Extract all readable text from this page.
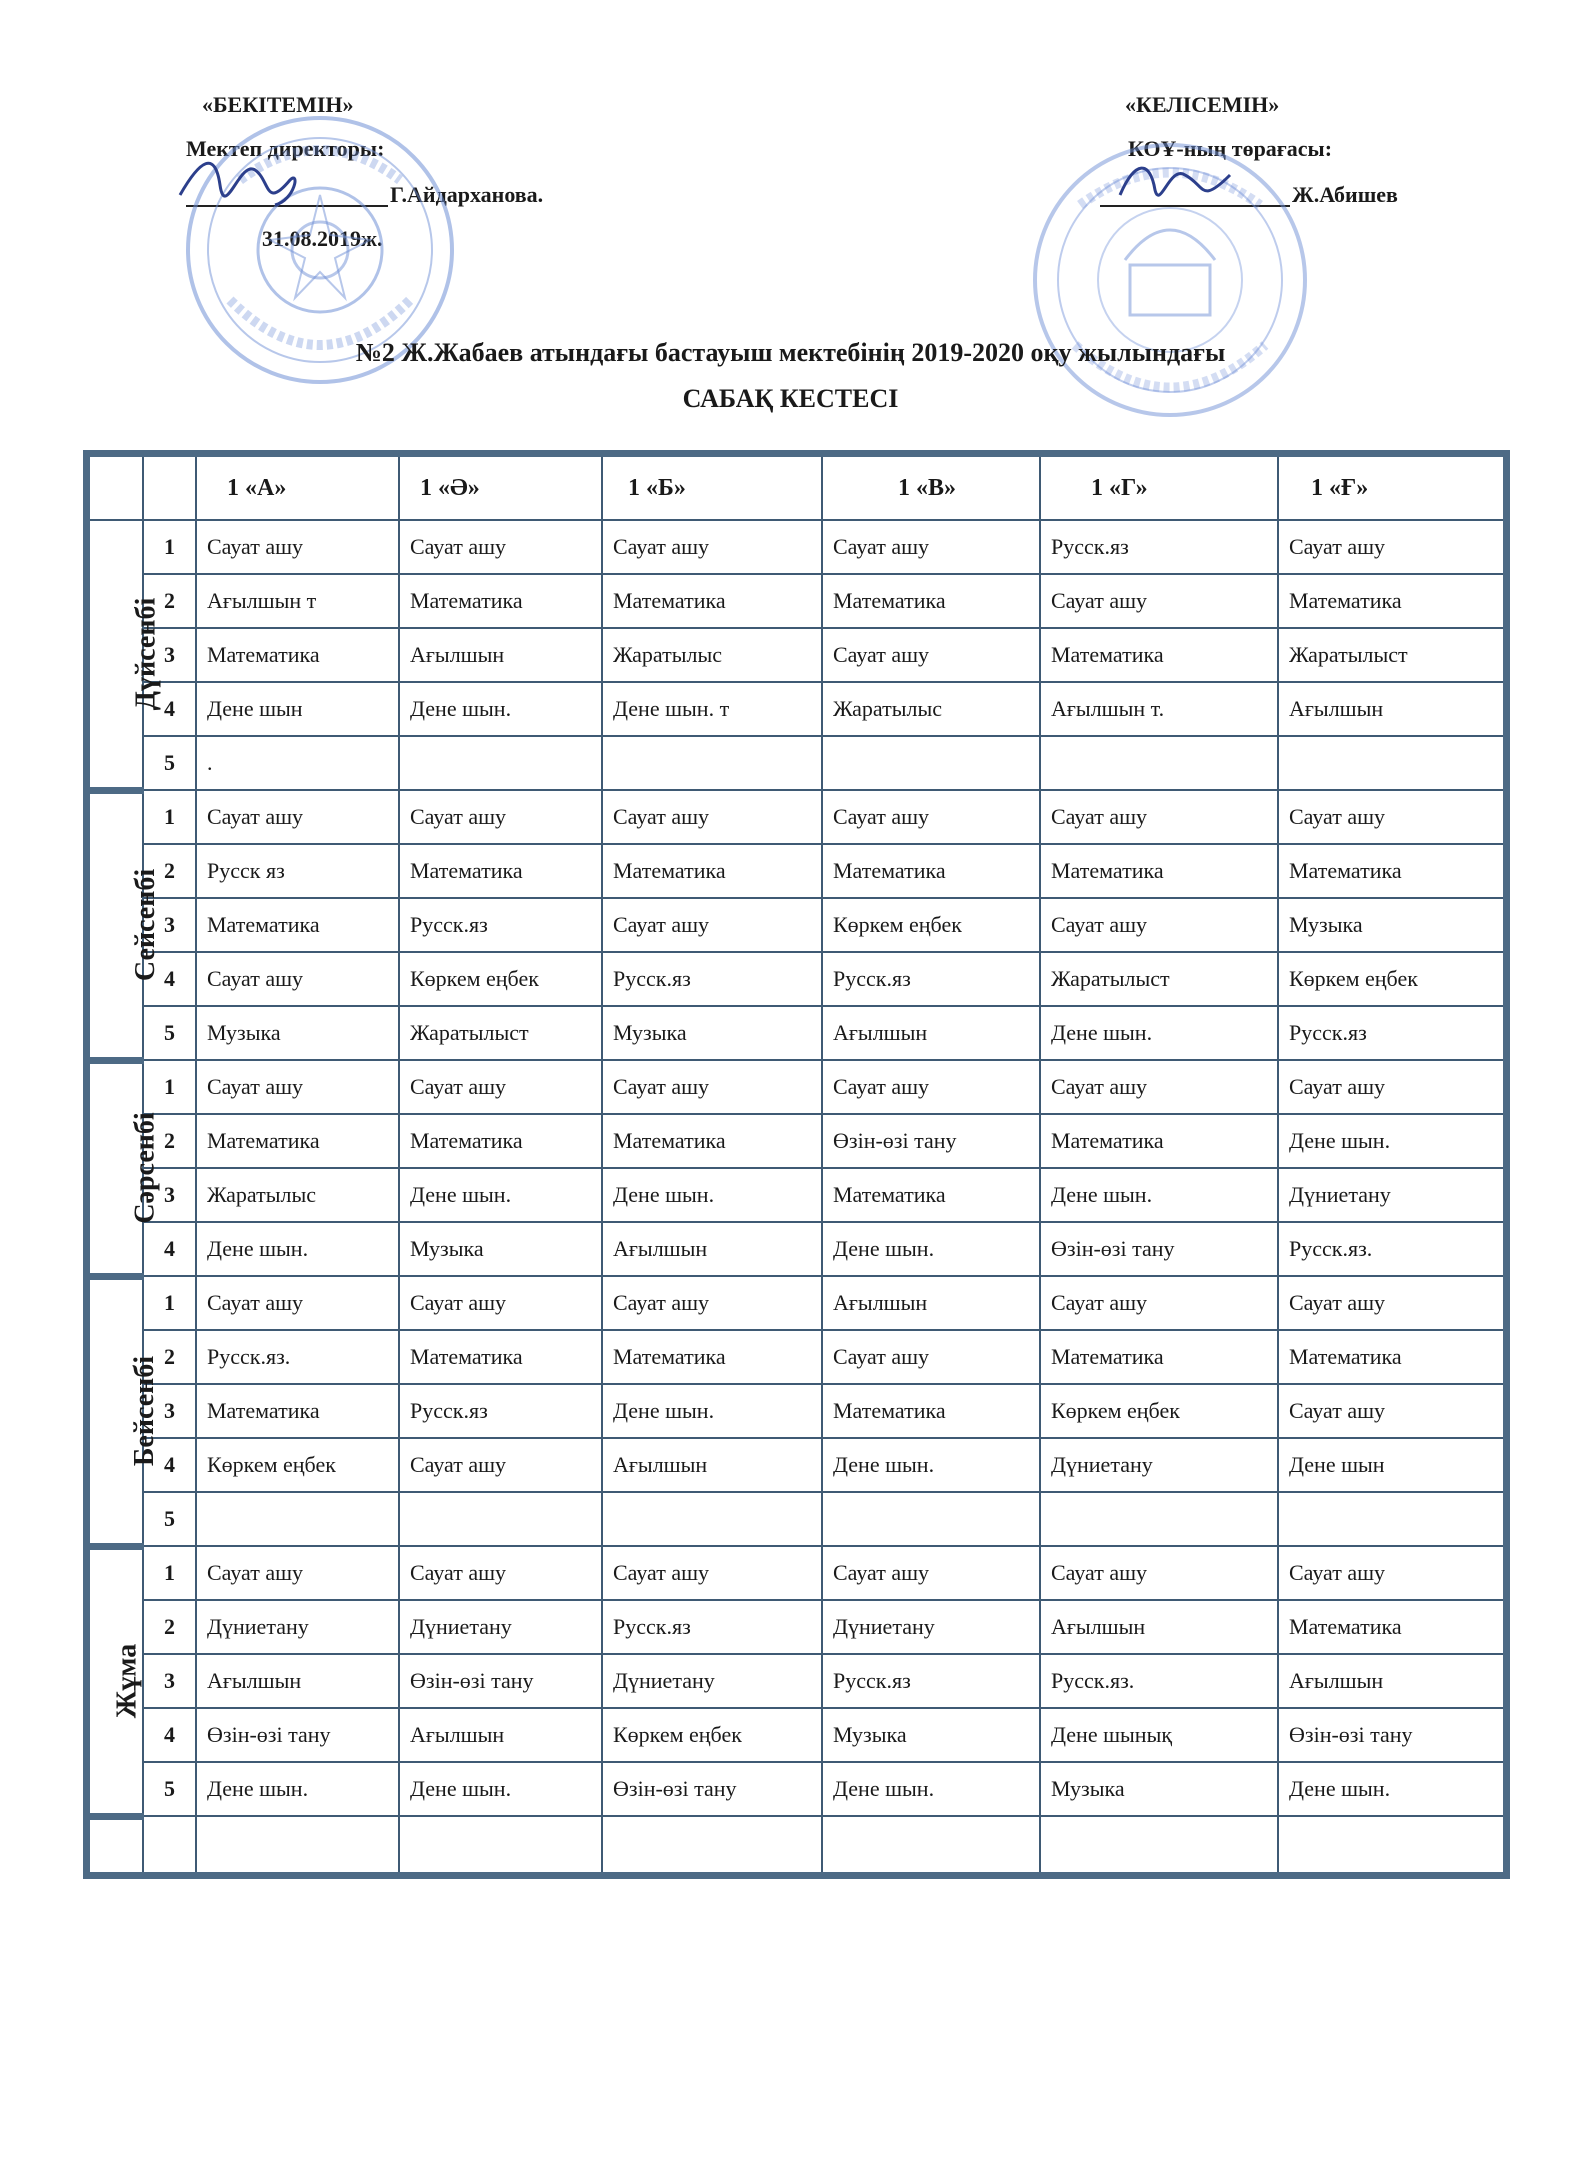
«БЕКІТЕМІН»
Мектеп директоры:
Г.Айдарханова.
31.08.2019ж.
«КЕЛІСЕМІН»
КОҰ-ның төрағасы:
Ж.Абишев
№2 Ж.Жабаев атындағы бастауыш мектебінің 2019-2020 оқу жылындағы
САБАҚ КЕСТЕСІ
		1 «А»	1 «Ә»	1 «Б»	1 «В»	1 «Г»	1 «Ғ»
Дүйсенбі	1	Сауат ашу	Сауат ашу	Сауат ашу	Сауат ашу	Русск.яз	Сауат ашу
	2	Ағылшын т	Математика	Математика	Математика	Сауат ашу	Математика
	3	Математика	Ағылшын	Жаратылыс	Сауат ашу	Математика	Жаратылыст
	4	Дене шын	Дене шын.	Дене шын. т	Жаратылыс	Ағылшын т.	Ағылшын
	5	.					
Сейсенбі	1	Сауат ашу	Сауат ашу	Сауат ашу	Сауат ашу	Сауат ашу	Сауат ашу
	2	Русск яз	Математика	Математика	Математика	Математика	Математика
	3	Математика	Русск.яз	Сауат ашу	Көркем еңбек	Сауат ашу	Музыка
	4	Сауат ашу	Көркем еңбек	Русск.яз	Русск.яз	Жаратылыст	Көркем еңбек
	5	Музыка	Жаратылыст	Музыка	Ағылшын	Дене шын.	Русск.яз
Сәрсенбі	1	Сауат ашу	Сауат ашу	Сауат ашу	Сауат ашу	Сауат ашу	Сауат ашу
	2	Математика	Математика	Математика	Өзін-өзі тану	Математика	Дене шын.
	3	Жаратылыс	Дене шын.	Дене шын.	Математика	Дене шын.	Дүниетану
	4	Дене шын.	Музыка	Ағылшын	Дене шын.	Өзін-өзі тану	Русск.яз.
Бейсенбі	1	Сауат ашу	Сауат ашу	Сауат ашу	Ағылшын	Сауат ашу	Сауат ашу
	2	Русск.яз.	Математика	Математика	Сауат ашу	Математика	Математика
	3	Математика	Русск.яз	Дене шын.	Математика	Көркем еңбек	Сауат ашу
	4	Көркем еңбек	Сауат ашу	Ағылшын	Дене шын.	Дүниетану	Дене шын
	5						
Жұма	1	Сауат ашу	Сауат ашу	Сауат ашу	Сауат ашу	Сауат ашу	Сауат ашу
	2	Дүниетану	Дүниетану	Русск.яз	Дүниетану	Ағылшын	Математика
	3	Ағылшын	Өзін-өзі тану	Дүниетану	Русск.яз	Русск.яз.	Ағылшын
	4	Өзін-өзі тану	Ағылшын	Көркем еңбек	Музыка	Дене шынық	Өзін-өзі тану
	5	Дене шын.	Дене шын.	Өзін-өзі тану	Дене шын.	Музыка	Дене шын.
